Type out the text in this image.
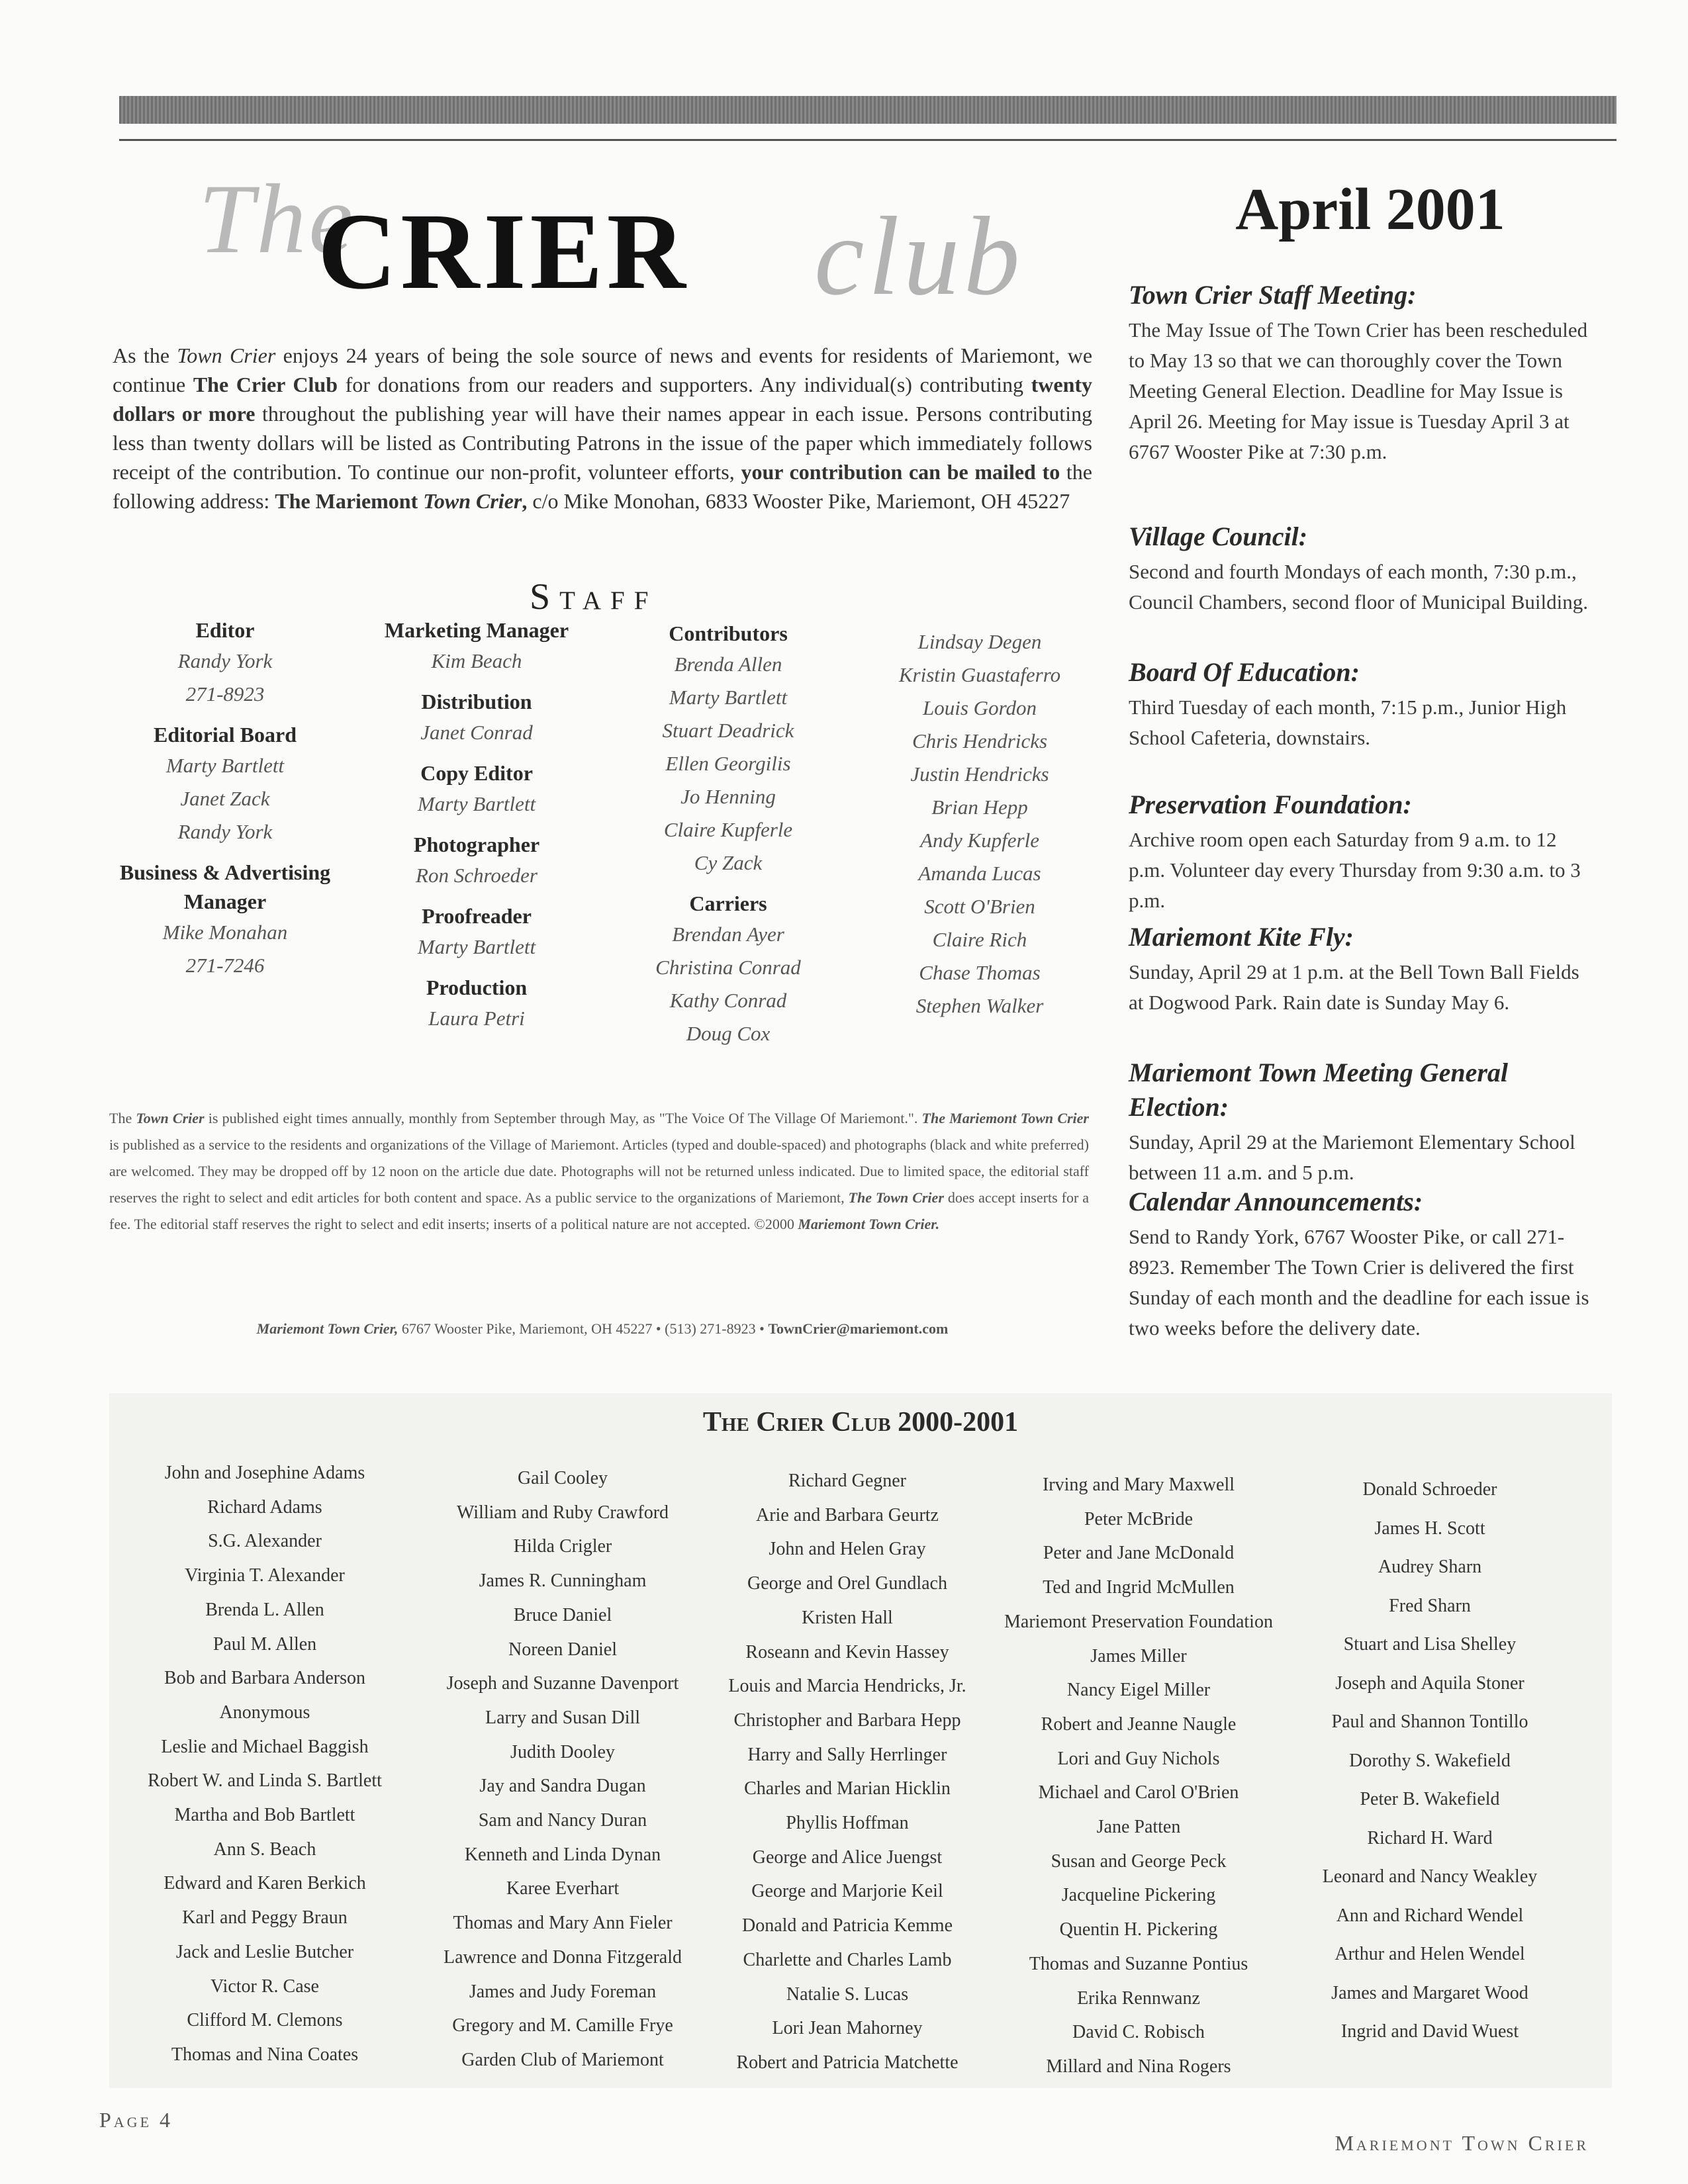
The
CRIER club
As the Town Crier enjoys 24 years of being the sole source of news and events for residents of Mariemont, we continue The Crier Club for donations from our readers and supporters. Any individual(s) contributing twenty dollars or more throughout the publishing year will have their names appear in each issue. Persons contributing less than twenty dollars will be listed as Contributing Patrons in the issue of the paper which immediately follows receipt of the contribution. To continue our non-profit, volunteer efforts, your contribution can be mailed to the following address: The Mariemont Town Crier, c/o Mike Monohan, 6833 Wooster Pike, Mariemont, OH 45227
Staff
Editor
Randy York
271-8923
Editorial Board
Marty Bartlett
Janet Zack
Randy York
Business & Advertising Manager
Mike Monahan
271-7246
Marketing Manager
Kim Beach
Distribution
Janet Conrad
Copy Editor
Marty Bartlett
Photographer
Ron Schroeder
Proofreader
Marty Bartlett
Production
Laura Petri
Contributors
Brenda Allen
Marty Bartlett
Stuart Deadrick
Ellen Georgilis
Jo Henning
Claire Kupferle
Cy Zack
Carriers
Brendan Ayer
Christina Conrad
Kathy Conrad
Doug Cox
Lindsay Degen
Kristin Guastaferro
Louis Gordon
Chris Hendricks
Justin Hendricks
Brian Hepp
Andy Kupferle
Amanda Lucas
Scott O'Brien
Claire Rich
Chase Thomas
Stephen Walker
The Town Crier is published eight times annually, monthly from September through May, as "The Voice Of The Village Of Mariemont.". The Mariemont Town Crier is published as a service to the residents and organizations of the Village of Mariemont. Articles (typed and double-spaced) and photographs (black and white preferred) are welcomed. They may be dropped off by 12 noon on the article due date. Photographs will not be returned unless indicated. Due to limited space, the editorial staff reserves the right to select and edit articles for both content and space. As a public service to the organizations of Mariemont, The Town Crier does accept inserts for a fee. The editorial staff reserves the right to select and edit inserts; inserts of a political nature are not accepted. ©2000 Mariemont Town Crier.
Mariemont Town Crier, 6767 Wooster Pike, Mariemont, OH 45227 • (513) 271-8923 • TownCrier@mariemont.com
April 2001
Town Crier Staff Meeting:
The May Issue of The Town Crier has been rescheduled to May 13 so that we can thoroughly cover the Town Meeting General Election. Deadline for May Issue is April 26. Meeting for May issue is Tuesday April 3 at 6767 Wooster Pike at 7:30 p.m.
Village Council:
Second and fourth Mondays of each month, 7:30 p.m., Council Chambers, second floor of Municipal Building.
Board Of Education:
Third Tuesday of each month, 7:15 p.m., Junior High School Cafeteria, downstairs.
Preservation Foundation:
Archive room open each Saturday from 9 a.m. to 12 p.m. Volunteer day every Thursday from 9:30 a.m. to 3 p.m.
Mariemont Kite Fly:
Sunday, April 29 at 1 p.m. at the Bell Town Ball Fields at Dogwood Park. Rain date is Sunday May 6.
Mariemont Town Meeting General Election:
Sunday, April 29 at the Mariemont Elementary School between 11 a.m. and 5 p.m.
Calendar Announcements:
Send to Randy York, 6767 Wooster Pike, or call 271-8923. Remember The Town Crier is delivered the first Sunday of each month and the deadline for each issue is two weeks before the delivery date.
The Crier Club 2000-2001
John and Josephine Adams
Richard Adams
S.G. Alexander
Virginia T. Alexander
Brenda L. Allen
Paul M. Allen
Bob and Barbara Anderson
Anonymous
Leslie and Michael Baggish
Robert W. and Linda S. Bartlett
Martha and Bob Bartlett
Ann S. Beach
Edward and Karen Berkich
Karl and Peggy Braun
Jack and Leslie Butcher
Victor R. Case
Clifford M. Clemons
Thomas and Nina Coates
Gail Cooley
William and Ruby Crawford
Hilda Crigler
James R. Cunningham
Bruce Daniel
Noreen Daniel
Joseph and Suzanne Davenport
Larry and Susan Dill
Judith Dooley
Jay and Sandra Dugan
Sam and Nancy Duran
Kenneth and Linda Dynan
Karee Everhart
Thomas and Mary Ann Fieler
Lawrence and Donna Fitzgerald
James and Judy Foreman
Gregory and M. Camille Frye
Garden Club of Mariemont
Richard Gegner
Arie and Barbara Geurtz
John and Helen Gray
George and Orel Gundlach
Kristen Hall
Roseann and Kevin Hassey
Louis and Marcia Hendricks, Jr.
Christopher and Barbara Hepp
Harry and Sally Herrlinger
Charles and Marian Hicklin
Phyllis Hoffman
George and Alice Juengst
George and Marjorie Keil
Donald and Patricia Kemme
Charlette and Charles Lamb
Natalie S. Lucas
Lori Jean Mahorney
Robert and Patricia Matchette
Irving and Mary Maxwell
Peter McBride
Peter and Jane McDonald
Ted and Ingrid McMullen
Mariemont Preservation Foundation
James Miller
Nancy Eigel Miller
Robert and Jeanne Naugle
Lori and Guy Nichols
Michael and Carol O'Brien
Jane Patten
Susan and George Peck
Jacqueline Pickering
Quentin H. Pickering
Thomas and Suzanne Pontius
Erika Rennwanz
David C. Robisch
Millard and Nina Rogers
Donald Schroeder
James H. Scott
Audrey Sharn
Fred Sharn
Stuart and Lisa Shelley
Joseph and Aquila Stoner
Paul and Shannon Tontillo
Dorothy S. Wakefield
Peter B. Wakefield
Richard H. Ward
Leonard and Nancy Weakley
Ann and Richard Wendel
Arthur and Helen Wendel
James and Margaret Wood
Ingrid and David Wuest
Page 4
Mariemont Town Crier
